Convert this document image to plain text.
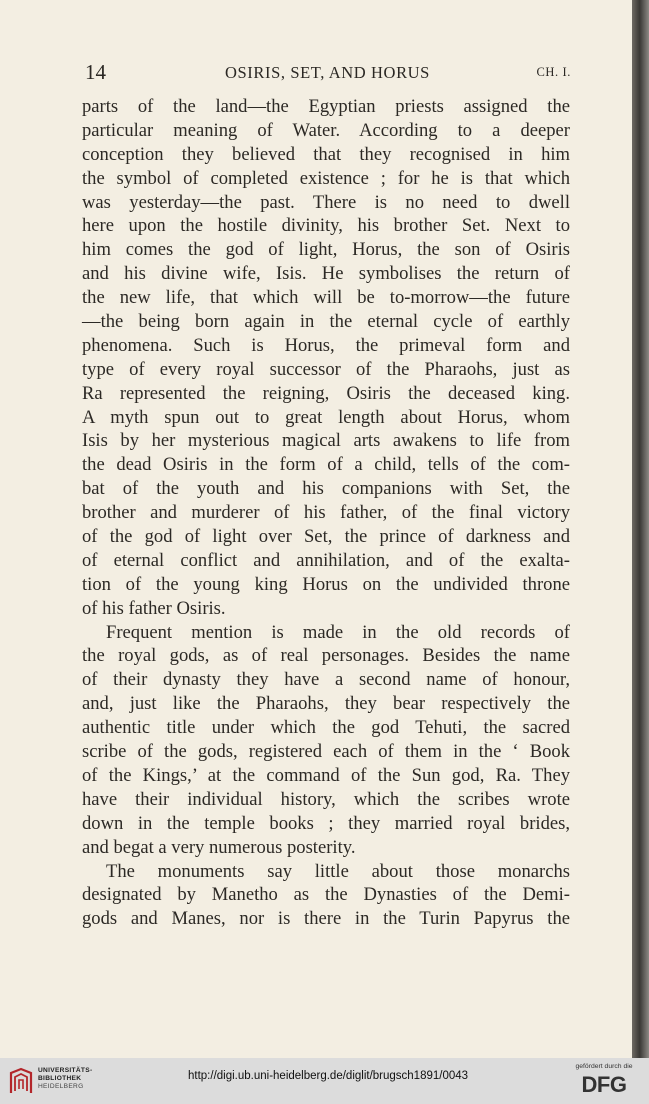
14	OSIRIS, SET, AND HORUS	CH. I.
parts of the land—the Egyptian priests assigned the
particular meaning of Water. According to a deeper
conception they believed that they recognised in him
the symbol of completed existence ; for he is that which
was yesterday—the past. There is no need to dwell
here upon the hostile divinity, his brother Set. Next to
him comes the god of light, Horus, the son of Osiris
and his divine wife, Isis. He symbolises the return of
the new life, that which will be to-morrow—the future
—the being born again in the eternal cycle of earthly
phenomena. Such is Horus, the primeval form and
type of every royal successor of the Pharaohs, just as
Ra represented the reigning, Osiris the deceased king.
A myth spun out to great length about Horus, whom
Isis by her mysterious magical arts awakens to life from
the dead Osiris in the form of a child, tells of the com-
bat of the youth and his companions with Set, the
brother and murderer of his father, of the final victory
of the god of light over Set, the prince of darkness and
of eternal conflict and annihilation, and of the exalta-
tion of the young king Horus on the undivided throne
of his father Osiris.
Frequent mention is made in the old records of
the royal gods, as of real personages. Besides the name
of their dynasty they have a second name of honour,
and, just like the Pharaohs, they bear respectively the
authentic title under which the god Tehuti, the sacred
scribe of the gods, registered each of them in the ‘ Book
of the Kings,’ at the command of the Sun god, Ra. They
have their individual history, which the scribes wrote
down in the temple books ; they married royal brides,
and begat a very numerous posterity.
The monuments say little about those monarchs
designated by Manetho as the Dynasties of the Demi-
gods and Manes, nor is there in the Turin Papyrus the
UNIVERSITÄTS-
BIBLIOTHEK
HEIDELBERG
http://digi.ub.uni-heidelberg.de/diglit/brugsch1891/0043
gefördert durch die
DFG
